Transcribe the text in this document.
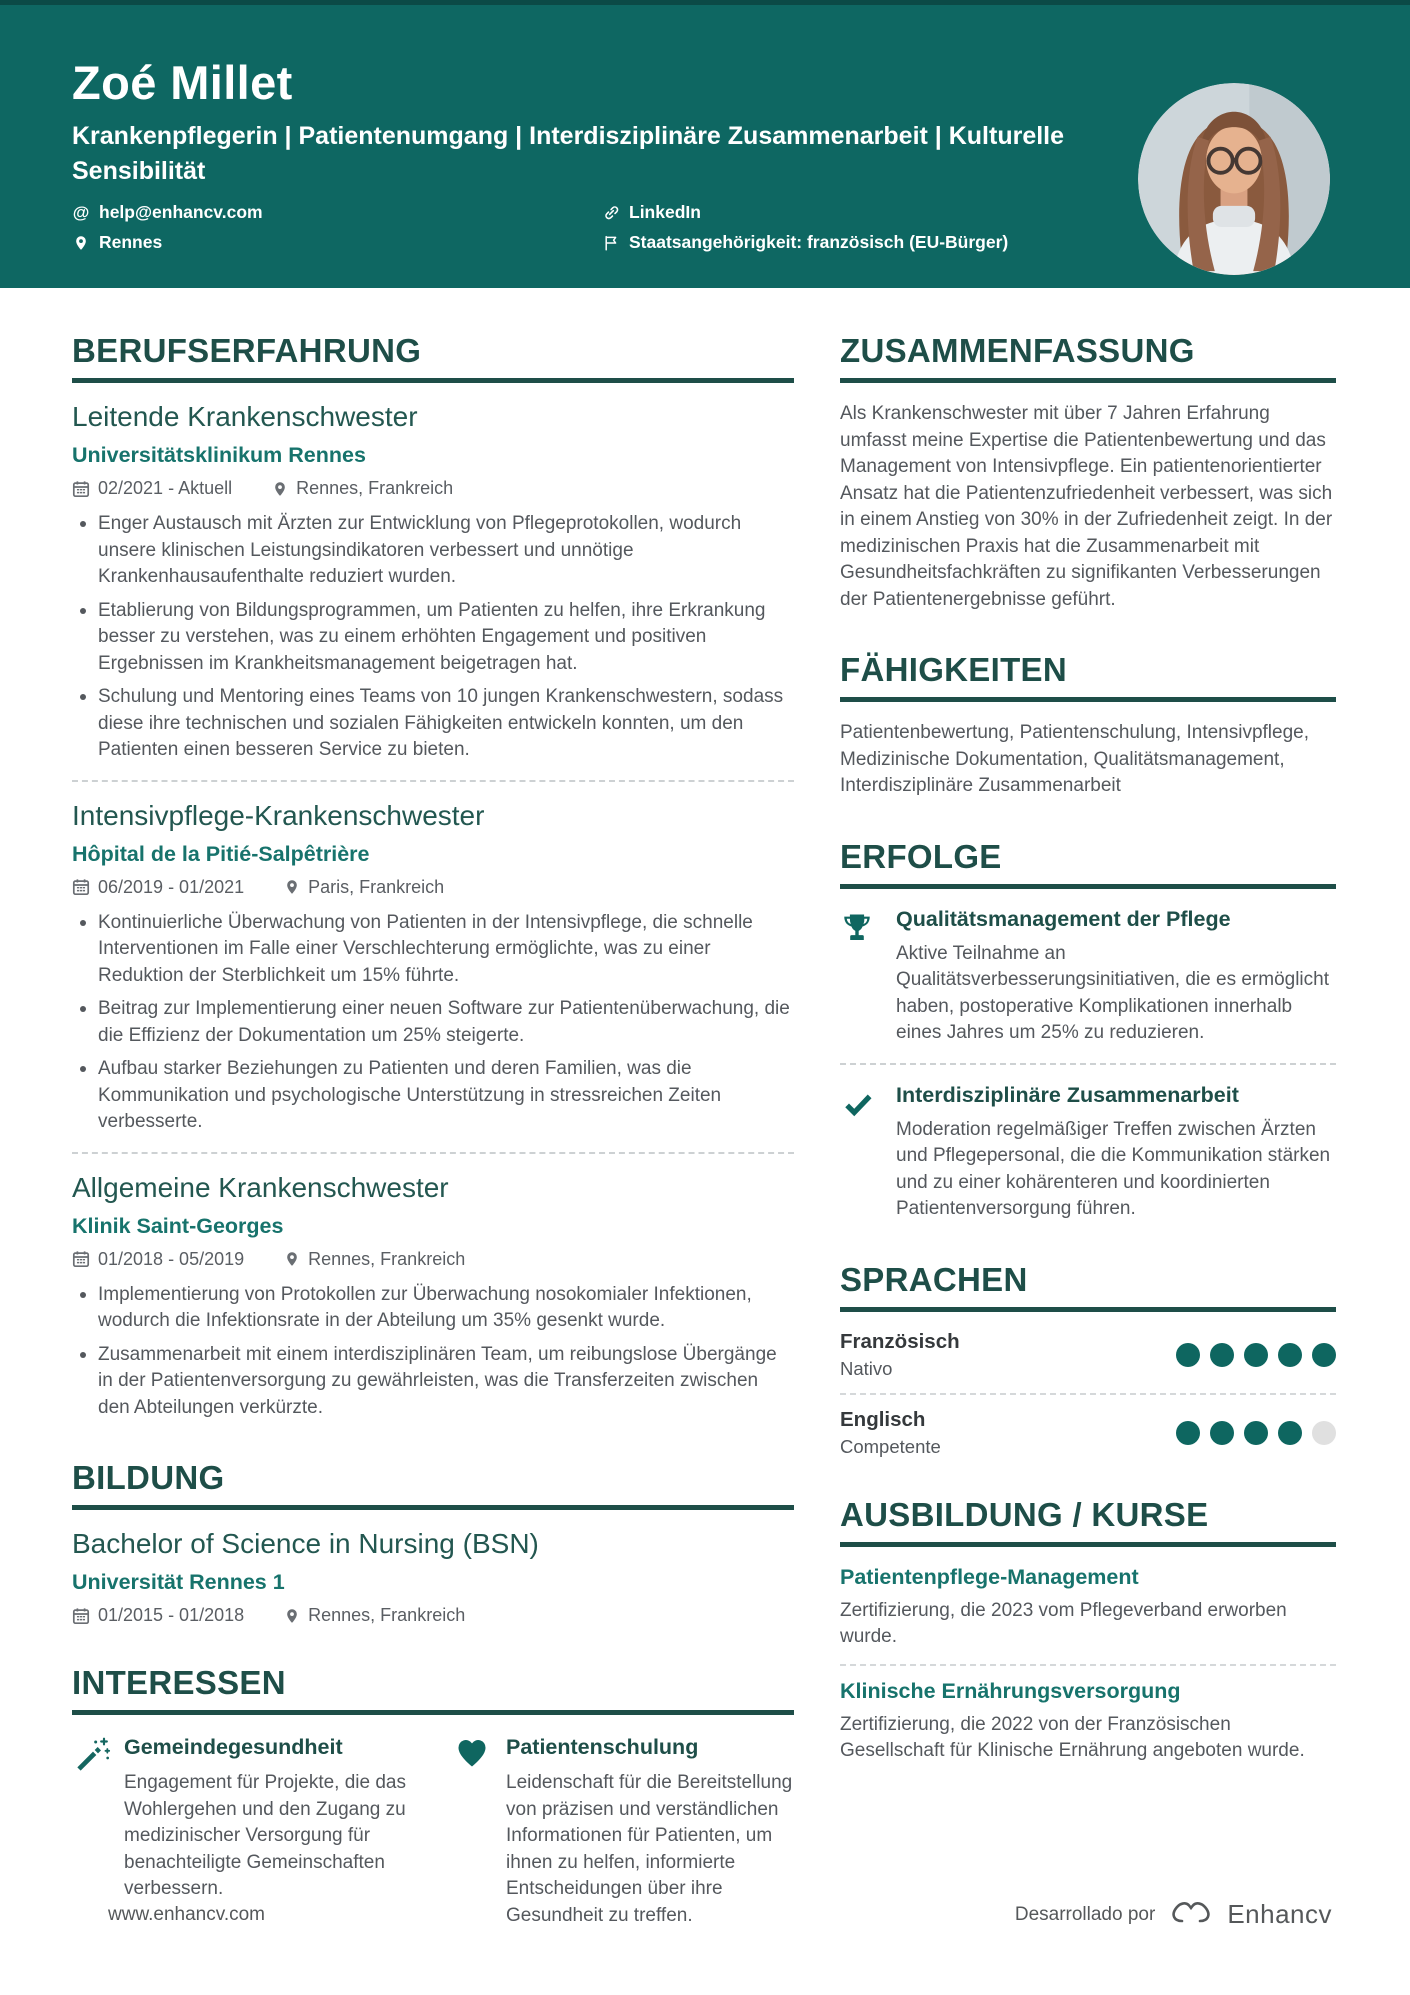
Zoé Millet
Krankenpflegerin | Patientenumgang | Interdisziplinäre Zusammenarbeit | Kulturelle Sensibilität
@ help@enhancv.com	LinkedIn
Rennes	Staatsangehörigkeit: französisch (EU-Bürger)
BERUFSERFAHRUNG
Leitende Krankenschwester
Universitätsklinikum Rennes
02/2021 - Aktuell	Rennes, Frankreich
Enger Austausch mit Ärzten zur Entwicklung von Pflegeprotokollen, wodurch unsere klinischen Leistungsindikatoren verbessert und unnötige Krankenhausaufenthalte reduziert wurden.
Etablierung von Bildungsprogrammen, um Patienten zu helfen, ihre Erkrankung besser zu verstehen, was zu einem erhöhten Engagement und positiven Ergebnissen im Krankheitsmanagement beigetragen hat.
Schulung und Mentoring eines Teams von 10 jungen Krankenschwestern, sodass diese ihre technischen und sozialen Fähigkeiten entwickeln konnten, um den Patienten einen besseren Service zu bieten.
Intensivpflege-Krankenschwester
Hôpital de la Pitié-Salpêtrière
06/2019 - 01/2021	Paris, Frankreich
Kontinuierliche Überwachung von Patienten in der Intensivpflege, die schnelle Interventionen im Falle einer Verschlechterung ermöglichte, was zu einer Reduktion der Sterblichkeit um 15% führte.
Beitrag zur Implementierung einer neuen Software zur Patientenüberwachung, die die Effizienz der Dokumentation um 25% steigerte.
Aufbau starker Beziehungen zu Patienten und deren Familien, was die Kommunikation und psychologische Unterstützung in stressreichen Zeiten verbesserte.
Allgemeine Krankenschwester
Klinik Saint-Georges
01/2018 - 05/2019	Rennes, Frankreich
Implementierung von Protokollen zur Überwachung nosokomialer Infektionen, wodurch die Infektionsrate in der Abteilung um 35% gesenkt wurde.
Zusammenarbeit mit einem interdisziplinären Team, um reibungslose Übergänge in der Patientenversorgung zu gewährleisten, was die Transferzeiten zwischen den Abteilungen verkürzte.
BILDUNG
Bachelor of Science in Nursing (BSN)
Universität Rennes 1
01/2015 - 01/2018	Rennes, Frankreich
INTERESSEN
Gemeindegesundheit

Engagement für Projekte, die das Wohlergehen und den Zugang zu medizinischer Versorgung für benachteiligte Gemeinschaften verbessern.

Patientenschulung

Leidenschaft für die Bereitstellung von präzisen und verständlichen Informationen für Patienten, um ihnen zu helfen, informierte Entscheidungen über ihre Gesundheit zu treffen.

ZUSAMMENFASSUNG

Als Krankenschwester mit über 7 Jahren Erfahrung umfasst meine Expertise die Patientenbewertung und das Management von Intensivpflege. Ein patientenorientierter Ansatz hat die Patientenzufriedenheit verbessert, was sich in einem Anstieg von 30% in der Zufriedenheit zeigt. In der medizinischen Praxis hat die Zusammenarbeit mit Gesundheitsfachkräften zu signifikanten Verbesserungen der Patientenergebnisse geführt.

FÄHIGKEITEN

Patientenbewertung, Patientenschulung, Intensivpflege, Medizinische Dokumentation, Qualitätsmanagement, Interdisziplinäre Zusammenarbeit

ERFOLGE
Qualitätsmanagement der Pflege

Aktive Teilnahme an Qualitätsverbesserungsinitiativen, die es ermöglicht haben, postoperative Komplikationen innerhalb eines Jahres um 25% zu reduzieren.

Interdisziplinäre Zusammenarbeit

Moderation regelmäßiger Treffen zwischen Ärzten und Pflegepersonal, die die Kommunikation stärken und zu einer kohärenteren und koordinierten Patientenversorgung führen.

SPRACHEN
Französisch
Nativo
Englisch
Competente
AUSBILDUNG / KURSE
Patientenpflege-Management

Zertifizierung, die 2023 vom Pflegeverband erworben wurde.

Klinische Ernährungsversorgung

Zertifizierung, die 2022 von der Französischen Gesellschaft für Klinische Ernährung angeboten wurde.

www.enhancv.com	Desarrollado por	Enhancv
